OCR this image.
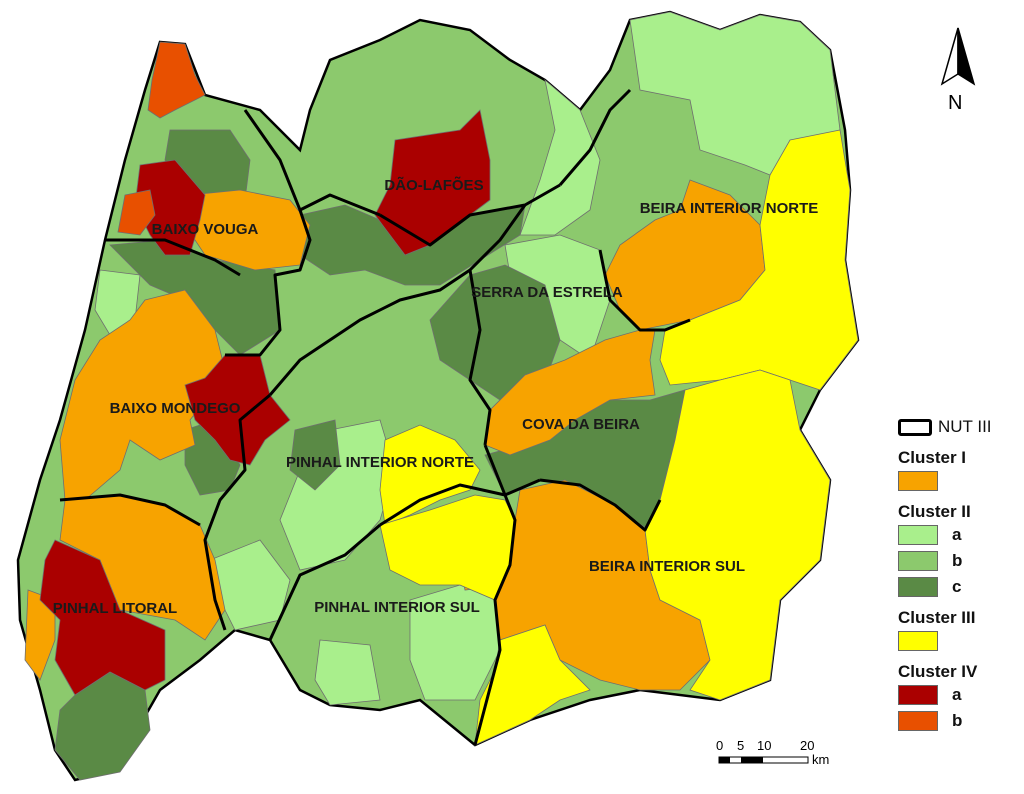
DÃO-LAFÕES
BAIXO VOUGA
BEIRA INTERIOR NORTE
SERRA DA ESTRELA
BAIXO MONDEGO
COVA DA BEIRA
PINHAL INTERIOR NORTE
BEIRA INTERIOR SUL
PINHAL LITORAL	PINHAL INTERIOR SUL
N
NUT III
Cluster I
Cluster II
a
b
c
Cluster III
Cluster IV
a
b
0 5 10 20
km
